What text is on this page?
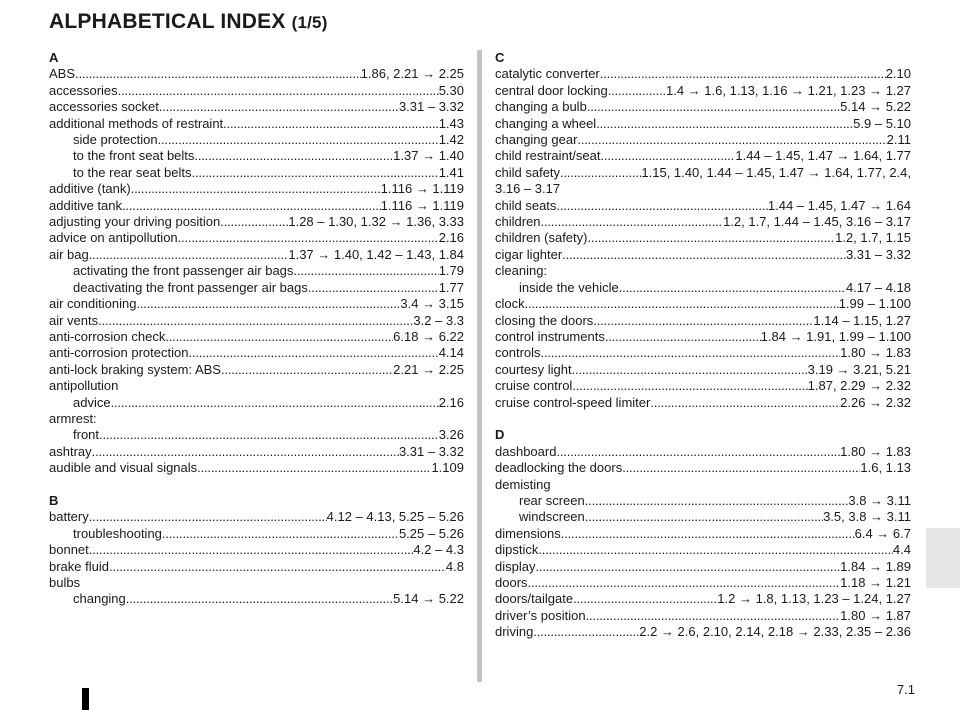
ALPHABETICAL INDEX (1/5)
A
ABS . . .	1.86, 2.21 → 2.25
accessories . . .	5.30
accessories socket . . .	3.31 – 3.32
additional methods of restraint . . .	1.43
side protection . . .	1.42
to the front seat belts . . .	1.37 → 1.40
to the rear seat belts . . .	1.41
additive (tank) . . .	1.116 → 1.119
additive tank . . .	1.116 → 1.119
adjusting your driving position . . .	1.28 – 1.30, 1.32 → 1.36, 3.33
advice on antipollution . . .	2.16
air bag . . .	1.37 → 1.40, 1.42 – 1.43, 1.84
activating the front passenger air bags . . .	1.79
deactivating the front passenger air bags . . .	1.77
air conditioning . . .	3.4 → 3.15
air vents . . .	3.2 – 3.3
anti-corrosion check . . .	6.18 → 6.22
anti-corrosion protection . . .	4.14
anti-lock braking system: ABS . . .	2.21 → 2.25
antipollution
advice . . .	2.16
armrest:
front . . .	3.26
ashtray . . .	3.31 – 3.32
audible and visual signals . . .	1.109
B
battery . . .	4.12 – 4.13, 5.25 – 5.26
troubleshooting . . .	5.25 – 5.26
bonnet . . .	4.2 – 4.3
brake fluid . . .	4.8
bulbs
changing . . .	5.14 → 5.22
C
catalytic converter . . .	2.10
central door locking . . .	1.4 → 1.6, 1.13, 1.16 → 1.21, 1.23 → 1.27
changing a bulb . . .	5.14 → 5.22
changing a wheel . . .	5.9 – 5.10
changing gear . . .	2.11
child restraint/seat . . .	1.44 – 1.45, 1.47 → 1.64, 1.77
child safety . . .	1.15, 1.40, 1.44 – 1.45, 1.47 → 1.64, 1.77, 2.4,
3.16 – 3.17
child seats . . .	1.44 – 1.45, 1.47 → 1.64
children . . .	1.2, 1.7, 1.44 – 1.45, 3.16 – 3.17
children (safety) . . .	1.2, 1.7, 1.15
cigar lighter . . .	3.31 – 3.32
cleaning:
inside the vehicle . . .	4.17 – 4.18
clock . . .	1.99 – 1.100
closing the doors . . .	1.14 – 1.15, 1.27
control instruments . . .	1.84 → 1.91, 1.99 – 1.100
controls . . .	1.80 → 1.83
courtesy light . . .	3.19 → 3.21, 5.21
cruise control . . .	1.87, 2.29 → 2.32
cruise control-speed limiter . . .	2.26 → 2.32
D
dashboard . . .	1.80 → 1.83
deadlocking the doors . . .	1.6, 1.13
demisting
rear screen . . .	3.8 → 3.11
windscreen . . .	3.5, 3.8 → 3.11
dimensions . . .	6.4 → 6.7
dipstick . . .	4.4
display . . .	1.84 → 1.89
doors . . .	1.18 → 1.21
doors/tailgate . . .	1.2 → 1.8, 1.13, 1.23 – 1.24, 1.27
driver’s position . . .	1.80 → 1.87
driving . . .	2.2 → 2.6, 2.10, 2.14, 2.18 → 2.33, 2.35 – 2.36
7.1
